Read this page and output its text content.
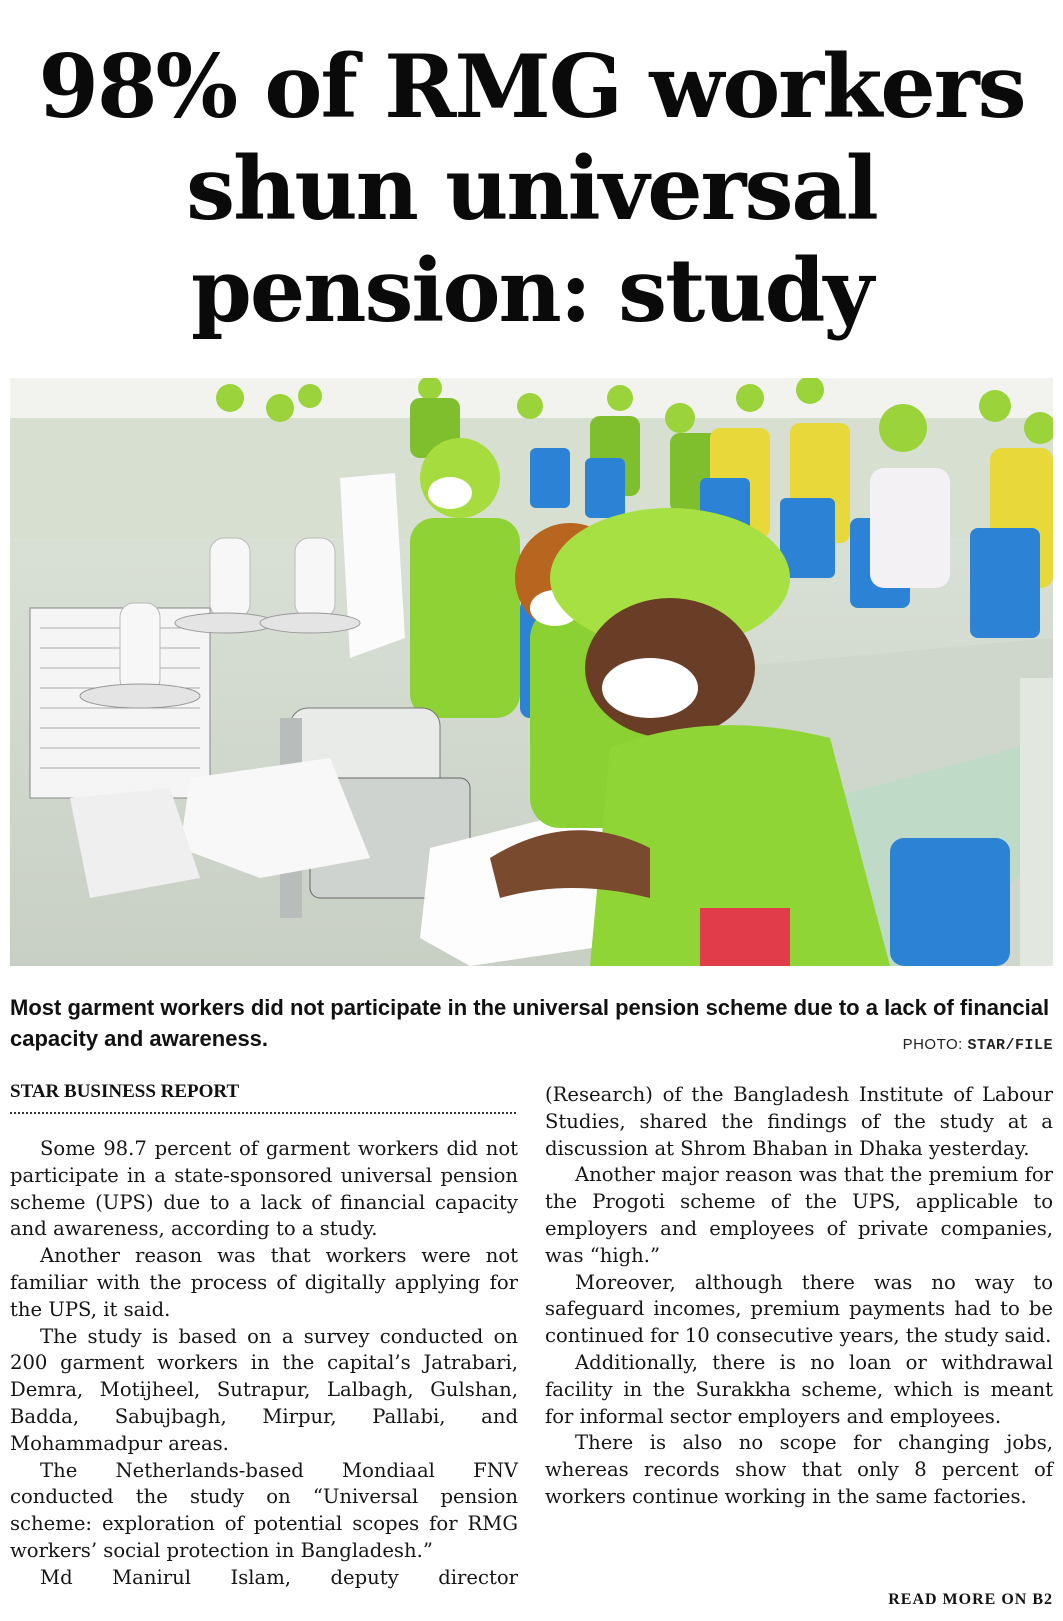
98% of RMG workers shun universal pension: study

Most garment workers did not participate in the universal pension scheme due to a lack of financial capacity and awareness.	PHOTO: STAR/FILE
STAR BUSINESS REPORT

Some 98.7 percent of garment workers did not participate in a state-sponsored universal pension scheme (UPS) due to a lack of financial capacity and awareness, according to a study.

Another reason was that workers were not familiar with the process of digitally applying for the UPS, it said.

The study is based on a survey conducted on 200 garment workers in the capital’s Jatrabari, Demra, Motijheel, Sutrapur, Lalbagh, Gulshan, Badda, Sabujbagh, Mirpur, Pallabi, and Mohammadpur areas.

The Netherlands-based Mondiaal FNV conducted the study on “Universal pension scheme: exploration of potential scopes for RMG workers’ social protection in Bangladesh.”

Md Manirul Islam, deputy director

(Research) of the Bangladesh Institute of Labour Studies, shared the findings of the study at a discussion at Shrom Bhaban in Dhaka yesterday.

Another major reason was that the premium for the Progoti scheme of the UPS, applicable to employers and employees of private companies, was “high.”

Moreover, although there was no way to safeguard incomes, premium payments had to be continued for 10 consecutive years, the study said.

Additionally, there is no loan or withdrawal facility in the Surakkha scheme, which is meant for informal sector employers and employees.

There is also no scope for changing jobs, whereas records show that only 8 percent of workers continue working in the same factories.

READ MORE ON B2
